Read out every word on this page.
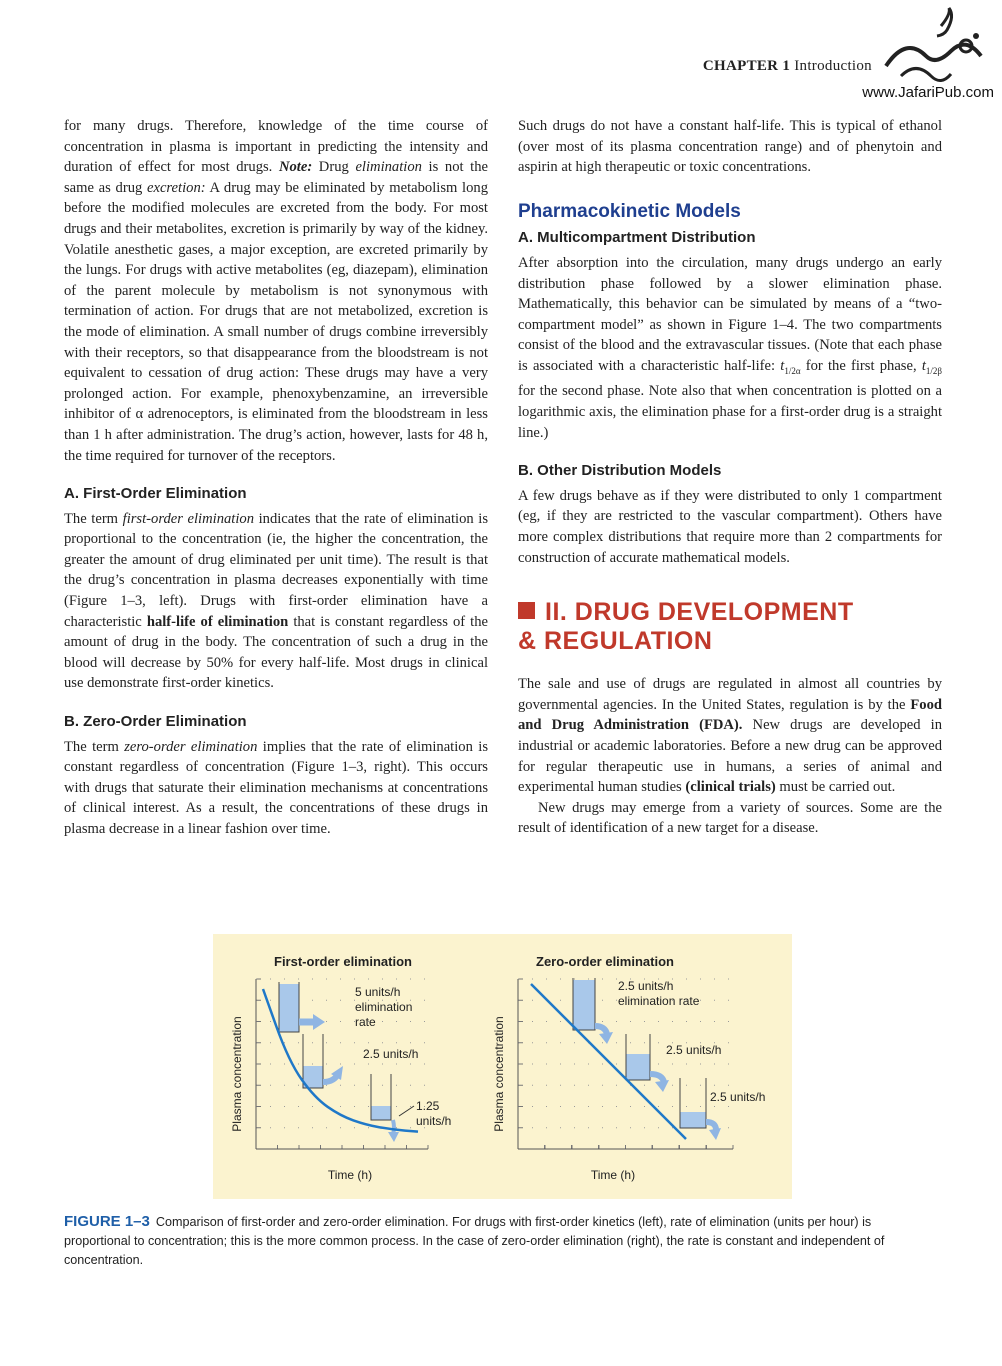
CHAPTER 1 Introduction
www.JafariPub.com

for many drugs. Therefore, knowledge of the time course of concentration in plasma is important in predicting the intensity and duration of effect for most drugs. Note: Drug elimination is not the same as drug excretion: A drug may be eliminated by metabolism long before the modified molecules are excreted from the body. For most drugs and their metabolites, excretion is primarily by way of the kidney. Volatile anesthetic gases, a major exception, are excreted primarily by the lungs. For drugs with active metabolites (eg, diazepam), elimination of the parent molecule by metabolism is not synonymous with termination of action. For drugs that are not metabolized, excretion is the mode of elimination. A small number of drugs combine irreversibly with their receptors, so that disappearance from the bloodstream is not equivalent to cessation of drug action: These drugs may have a very prolonged action. For example, phenoxybenzamine, an irreversible inhibitor of α adrenoceptors, is eliminated from the bloodstream in less than 1 h after administration. The drug’s action, however, lasts for 48 h, the time required for turnover of the receptors.

A. First-Order Elimination

The term first-order elimination indicates that the rate of elimination is proportional to the concentration (ie, the higher the concentration, the greater the amount of drug eliminated per unit time). The result is that the drug’s concentration in plasma decreases exponentially with time (Figure 1–3, left). Drugs with first-order elimination have a characteristic half-life of elimination that is constant regardless of the amount of drug in the body. The concentration of such a drug in the blood will decrease by 50% for every half-life. Most drugs in clinical use demonstrate first-order kinetics.

B. Zero-Order Elimination

The term zero-order elimination implies that the rate of elimination is constant regardless of concentration (Figure 1–3, right). This occurs with drugs that saturate their elimination mechanisms at concentrations of clinical interest. As a result, the concentrations of these drugs in plasma decrease in a linear fashion over time.

Such drugs do not have a constant half-life. This is typical of ethanol (over most of its plasma concentration range) and of phenytoin and aspirin at high therapeutic or toxic concentrations.

Pharmacokinetic Models
A. Multicompartment Distribution

After absorption into the circulation, many drugs undergo an early distribution phase followed by a slower elimination phase. Mathematically, this behavior can be simulated by means of a “two-compartment model” as shown in Figure 1–4. The two compartments consist of the blood and the extravascular tissues. (Note that each phase is associated with a characteristic half-life: $t_{1/2\alpha}$ for the first phase, $t_{1/2\beta}$ for the second phase. Note also that when concentration is plotted on a logarithmic axis, the elimination phase for a first-order drug is a straight line.)

B. Other Distribution Models

A few drugs behave as if they were distributed to only 1 compartment (eg, if they are restricted to the vascular compartment). Others have more complex distributions that require more than 2 compartments for construction of accurate mathematical models.

II. DRUG DEVELOPMENT
& REGULATION

The sale and use of drugs are regulated in almost all countries by governmental agencies. In the United States, regulation is by the Food and Drug Administration (FDA). New drugs are developed in industrial or academic laboratories. Before a new drug can be approved for regular therapeutic use in humans, a series of animal and experimental human studies (clinical trials) must be carried out.

New drugs may emerge from a variety of sources. Some are the result of identification of a new target for a disease.

First-order elimination	Zero-order elimination
Plasma concentration
Time (h)
5 units/h
elimination
rate
2.5 units/h
1.25
units/h	Plasma concentration
Time (h)
2.5 units/h
elimination rate
2.5 units/h
2.5 units/h
FIGURE 1–3 Comparison of first-order and zero-order elimination. For drugs with first-order kinetics (left), rate of elimination (units per hour) is proportional to concentration; this is the more common process. In the case of zero-order elimination (right), the rate is constant and independent of concentration.
